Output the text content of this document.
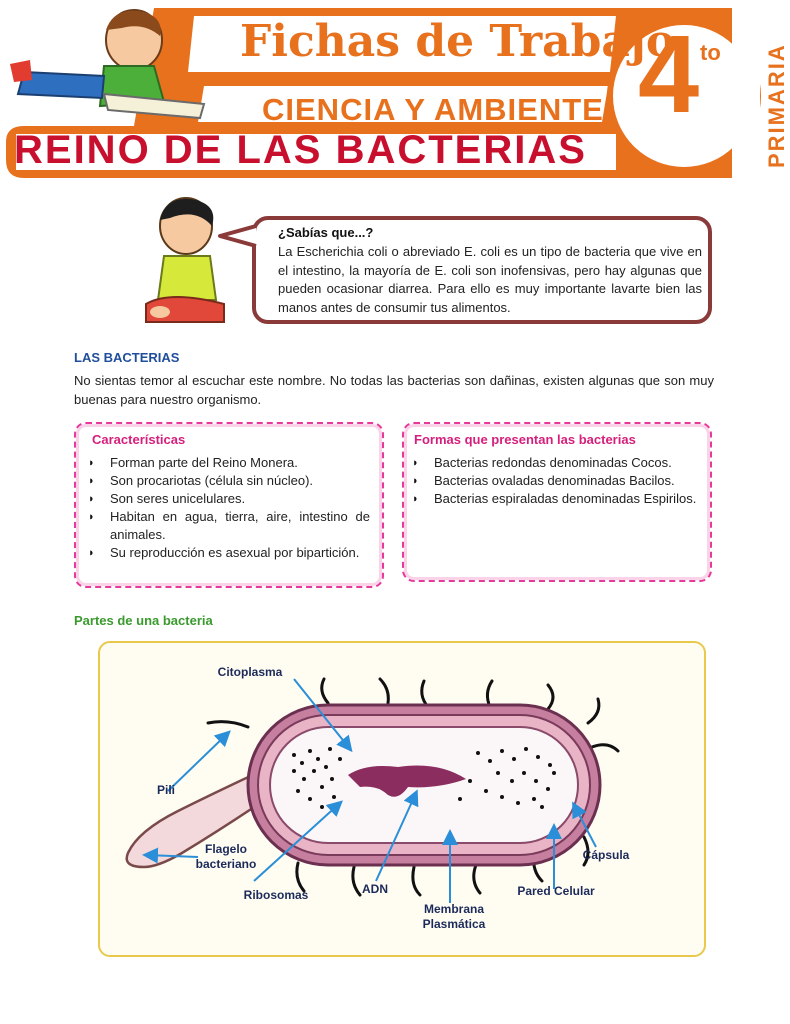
Fichas de Trabajo
CIENCIA Y AMBIENTE
REINO DE LAS BACTERIAS
4 to PRIMARIA
¿Sabías que...?
La Escherichia coli o abreviado E. coli es un tipo de bacteria que vive en el intestino, la mayoría de E. coli son inofensivas, pero hay algunas que pueden ocasionar diarrea. Para ello es muy importante lavarte bien las manos antes de consumir tus alimentos.
LAS BACTERIAS
No sientas temor al escuchar este nombre. No todas las bacterias son dañinas, existen algunas que son muy buenas para nuestro organismo.
Características
◗ Forman parte del Reino Monera.
◗ Son procariotas (célula sin núcleo).
◗ Son seres unicelulares.
◗ Habitan en agua, tierra, aire, intestino de animales.
◗ Su reproducción es asexual por bipartición.
Formas que presentan las bacterias
◗ Bacterias redondas denominadas Cocos.
◗ Bacterias ovaladas denominadas Bacilos.
◗ Bacterias espiraladas denominadas Espirilos.
Partes de una bacteria
Citoplasma
Pili
Flagelo bacteriano
Ribosomas	ADN
Membrana Plasmática
Pared Celular
Cápsula
